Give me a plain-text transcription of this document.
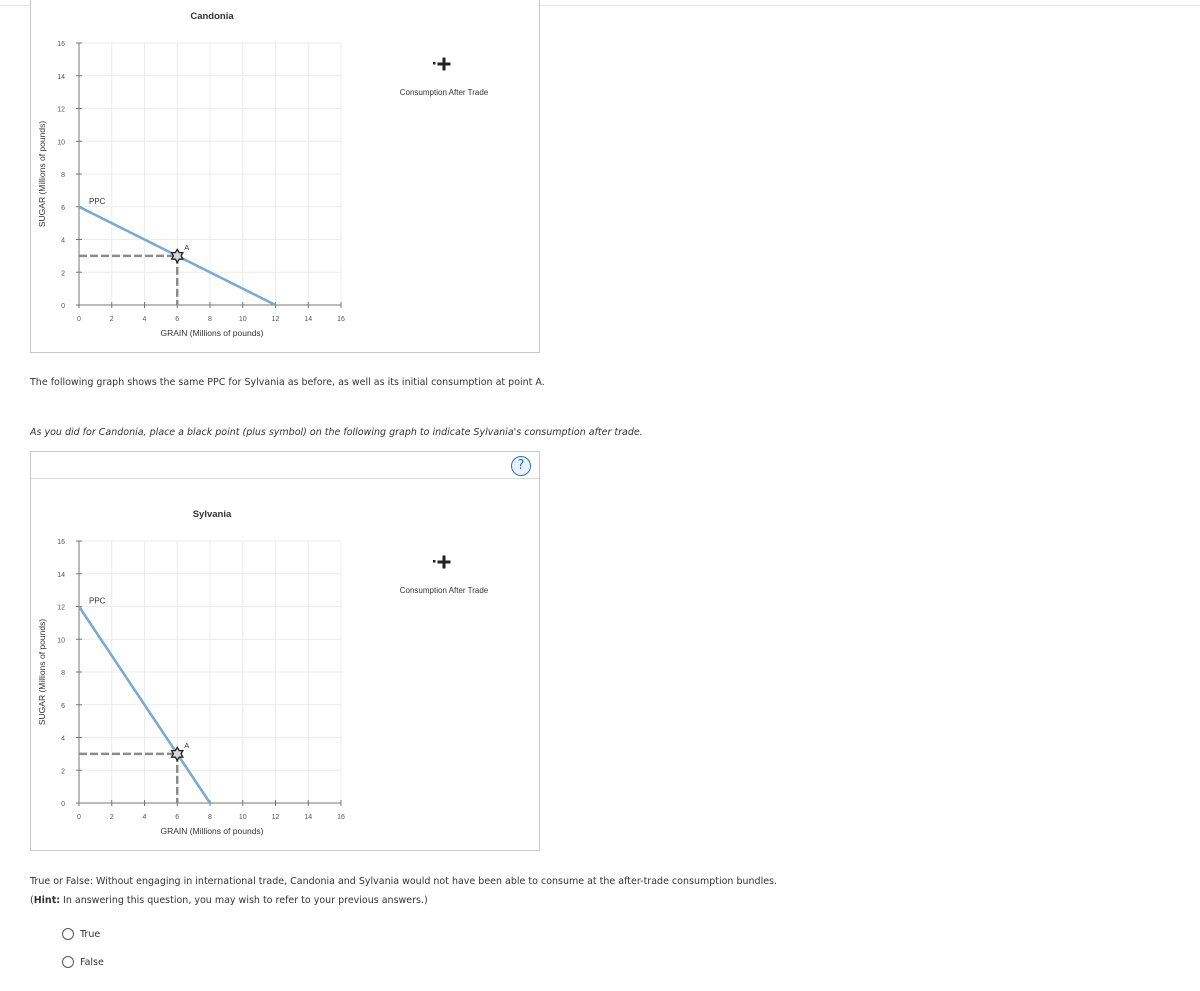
Candonia
0	2	4	6	8	10	12	14	16
0
2
4
6
8
10
12
14
16
GRAIN (Millions of pounds)
SUGAR (Millions of pounds)	PPC
A
Consumption After Trade
The following graph shows the same PPC for Sylvania as before, as well as its initial consumption at point A.
As you did for Candonia, place a black point (plus symbol) on the following graph to indicate Sylvania's consumption after trade.
?
Sylvania
0	2	4	6	8	10	12	14	16
0
2
4
6
8
10
12
14
16
GRAIN (Millions of pounds)
SUGAR (Millions of pounds)
PPC
A
Consumption After Trade
True or False: Without engaging in international trade, Candonia and Sylvania would not have been able to consume at the after-trade consumption bundles. (Hint: In answering this question, you may wish to refer to your previous answers.)
True
False
